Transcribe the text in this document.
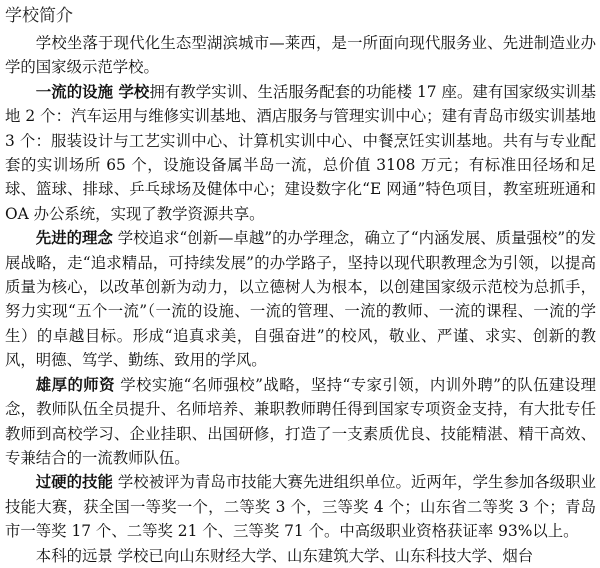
学校简介

学校坐落于现代化生态型湖滨城市—莱西，是一所面向现代服务业、先进制造业办学的国家级示范学校。

一流的设施 学校拥有教学实训、生活服务配套的功能楼 17 座。建有国家级实训基地 2 个：汽车运用与维修实训基地、酒店服务与管理实训中心；建有青岛市级实训基地 3 个：服装设计与工艺实训中心、计算机实训中心、中餐烹饪实训基地。共有与专业配套的实训场所 65 个，设施设备属半岛一流，总价值 3108 万元；有标准田径场和足球、篮球、排球、乒乓球场及健体中心；建设数字化“E 网通”特色项目，教室班班通和 OA 办公系统，实现了教学资源共享。

先进的理念 学校追求“创新—卓越”的办学理念，确立了“内涵发展、质量强校”的发展战略，走“追求精品，可持续发展”的办学路子，坚持以现代职教理念为引领，以提高质量为核心，以改革创新为动力，以立德树人为根本，以创建国家级示范校为总抓手，努力实现“五个一流”（一流的设施、一流的管理、一流的教师、一流的课程、一流的学生）的卓越目标。形成“追真求美，自强奋进”的校风，敬业、严谨、求实、创新的教风，明德、笃学、勤练、致用的学风。

雄厚的师资 学校实施“名师强校”战略，坚持“专家引领，内训外聘”的队伍建设理念，教师队伍全员提升、名师培养、兼职教师聘任得到国家专项资金支持，有大批专任教师到高校学习、企业挂职、出国研修，打造了一支素质优良、技能精湛、精干高效、专兼结合的一流教师队伍。

过硬的技能 学校被评为青岛市技能大赛先进组织单位。近两年，学生参加各级职业技能大赛，获全国一等奖一个，二等奖 3 个，三等奖 4 个；山东省二等奖 3 个；青岛市一等奖 17 个、二等奖 21 个、三等奖 71 个。中高级职业资格获证率 93%以上。

本科的远景 学校已向山东财经大学、山东建筑大学、山东科技大学、烟台
